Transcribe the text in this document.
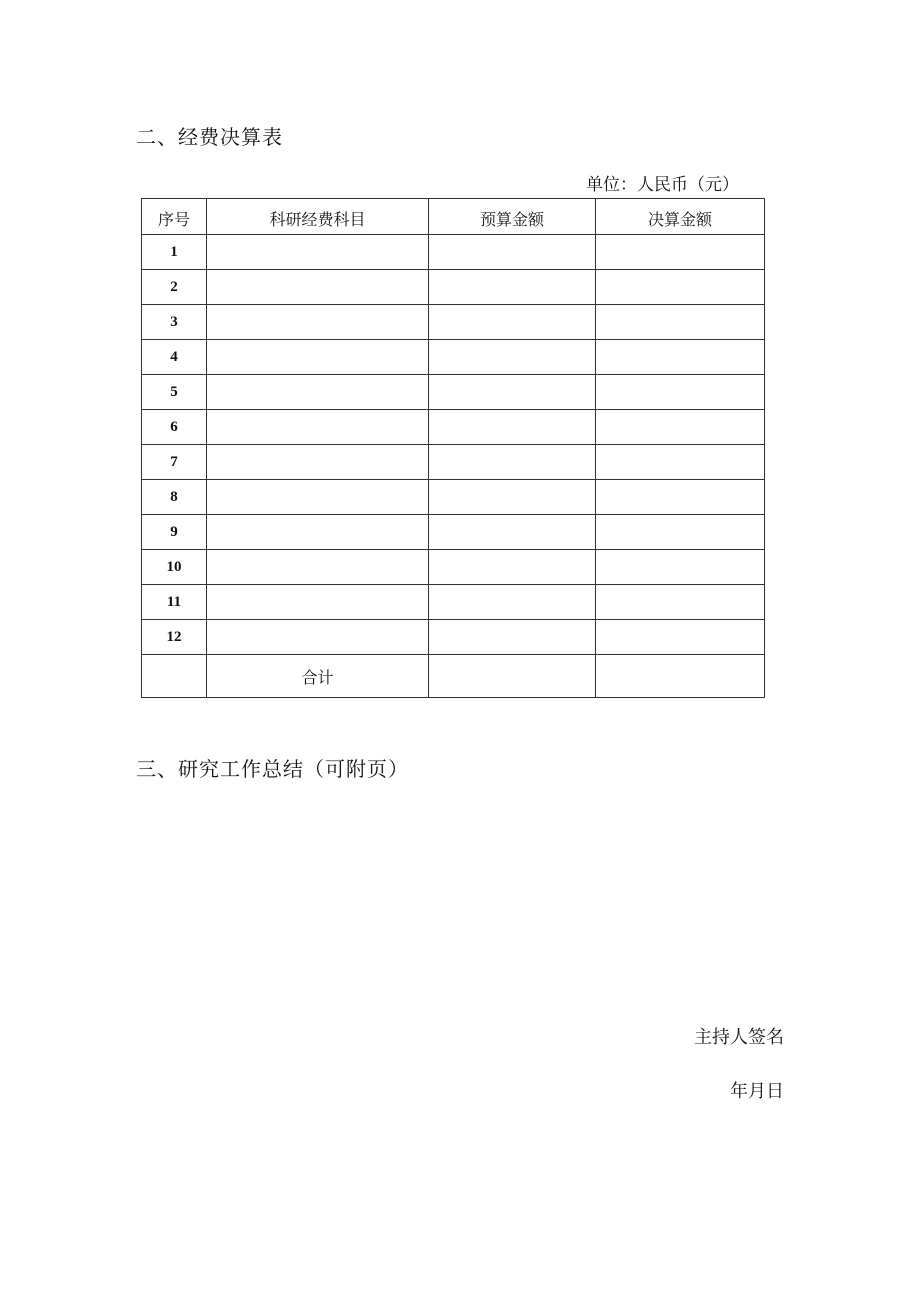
二、经费决算表
单位：人民币（元）
序号	科研经费科目	预算金额	决算金额
1			
2			
3			
4			
5			
6			
7			
8			
9			
10			
11			
12			
	合计		
三、研究工作总结（可附页）
主持人签名
年月日
